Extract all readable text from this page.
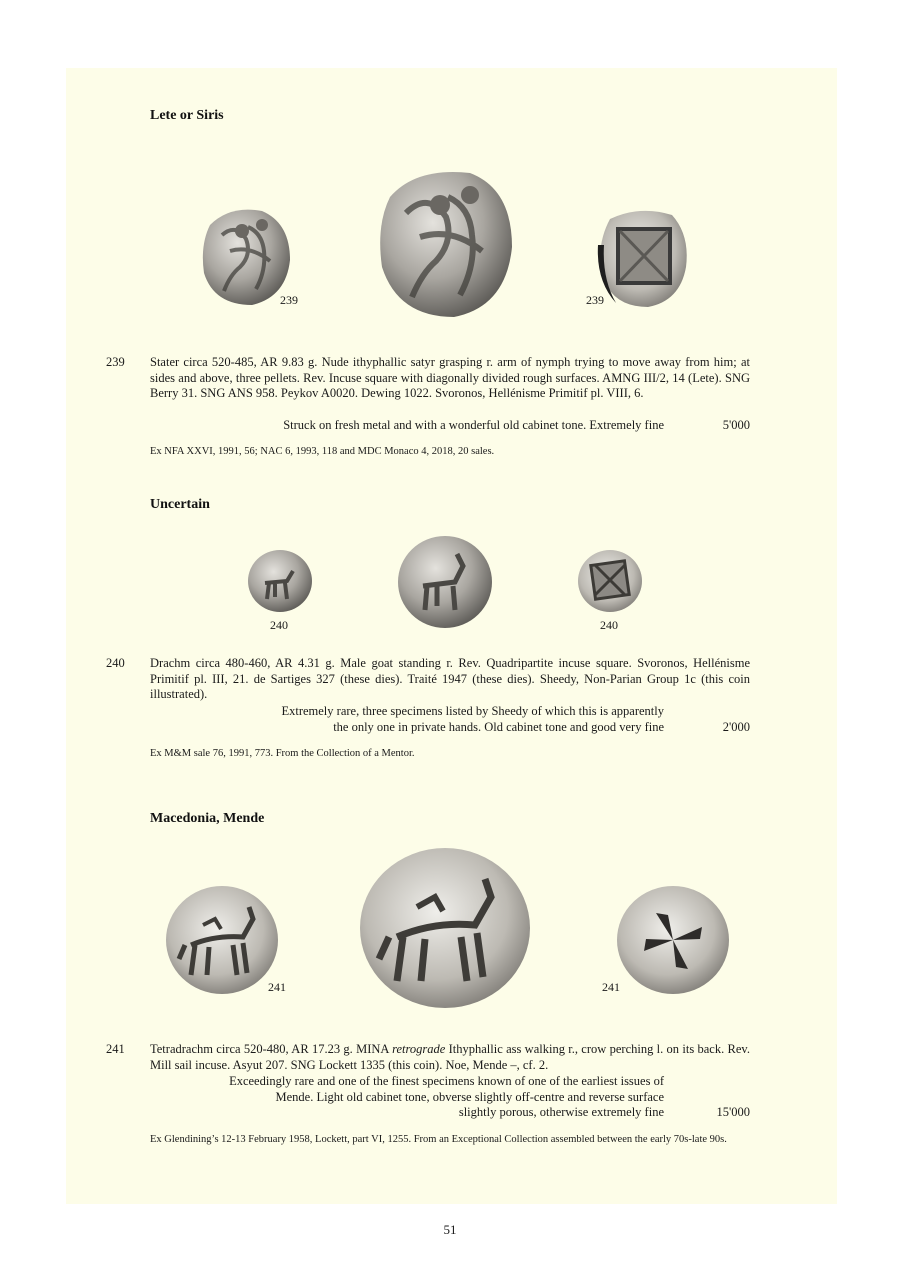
Lete or Siris
239	239
239 Stater circa 520-485, AR 9.83 g. Nude ithyphallic satyr grasping r. arm of nymph trying to move away from him; at sides and above, three pellets. Rev. Incuse square with diagonally divided rough surfaces. AMNG III/2, 14 (Lete). SNG Berry 31. SNG ANS 958. Peykov A0020. Dewing 1022. Svoronos, Hellénisme Primitif pl. VIII, 6.
Struck on fresh metal and with a wonderful old cabinet tone. Extremely fine	5'000
Ex NFA XXVI, 1991, 56; NAC 6, 1993, 118 and MDC Monaco 4, 2018, 20 sales.
Uncertain
240	240
240 Drachm circa 480-460, AR 4.31 g. Male goat standing r. Rev. Quadripartite incuse square. Svoronos, Hellénisme Primitif pl. III, 21. de Sartiges 327 (these dies). Traité 1947 (these dies). Sheedy, Non-Parian Group 1c (this coin illustrated).
Extremely rare, three specimens listed by Sheedy of which this is apparently
the only one in private hands. Old cabinet tone and good very fine	2'000
Ex M&M sale 76, 1991, 773. From the Collection of a Mentor.
Macedonia, Mende
241	241
241 Tetradrachm circa 520-480, AR 17.23 g. MINA retrograde Ithyphallic ass walking r., crow perching l. on its back. Rev. Mill sail incuse. Asyut 207. SNG Lockett 1335 (this coin). Noe, Mende –, cf. 2.
Exceedingly rare and one of the finest specimens known of one of the earliest issues of
Mende. Light old cabinet tone, obverse slightly off-centre and reverse surface
slightly porous, otherwise extremely fine	15'000
Ex Glendining’s 12-13 February 1958, Lockett, part VI, 1255. From an Exceptional Collection assembled between the early 70s-late 90s.
51
